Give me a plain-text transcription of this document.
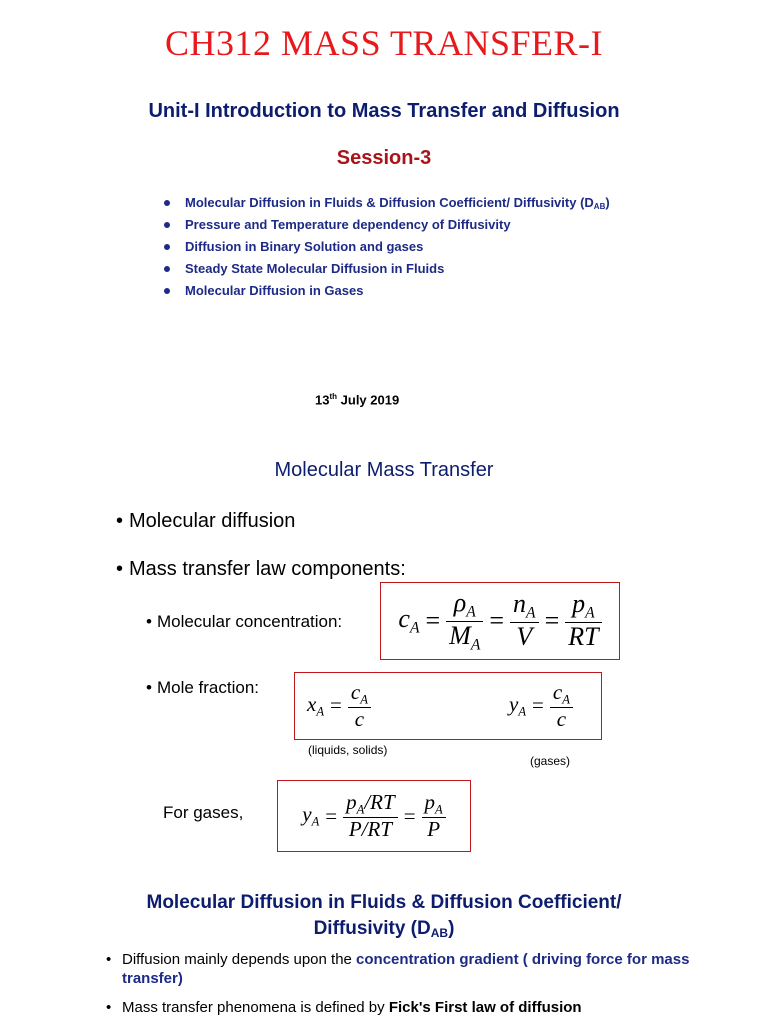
CH312 MASS TRANSFER-I
Unit-I Introduction to Mass Transfer and Diffusion
Session-3
Molecular Diffusion in Fluids & Diffusion Coefficient/ Diffusivity $(D_{AB})$
Pressure and Temperature dependency of Diffusivity
Diffusion in Binary Solution and gases
Steady State Molecular Diffusion in Fluids
Molecular Diffusion in Gases
13th July 2019
Molecular Mass Transfer
• Molecular diffusion
• Mass transfer law components:
• Molecular concentration: $c_A = \frac{\rho_A}{M_A} = \frac{n_A}{V} = \frac{p_A}{RT}$
• Mole fraction:
$x_A = \frac{c_A}{c}$	$y_A = \frac{c_A}{c}$
(liquids, solids)
(gases)
For gases,	$y_A = \frac{p_A/RT}{P/RT} = \frac{p_A}{P}$
Molecular Diffusion in Fluids & Diffusion Coefficient/
Diffusivity (DAB)
• Diffusion mainly depends upon the concentration gradient ( driving force for mass transfer)
• Mass transfer phenomena is defined by Fick's First law of diffusion
